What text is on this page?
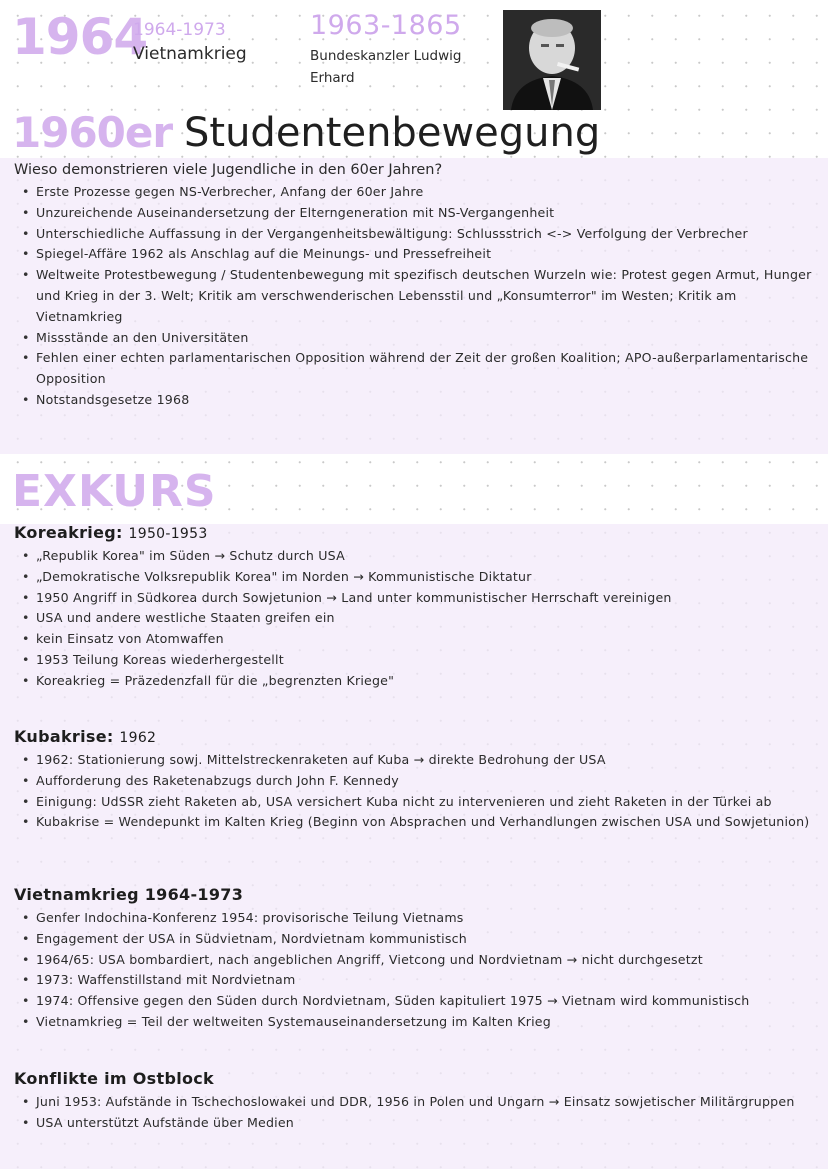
1964
1964-1973
Vietnamkrieg
1963-1865
Bundeskanzler Ludwig
Erhard
1960er Studentenbewegung
Wieso demonstrieren viele Jugendliche in den 60er Jahren?
• Erste Prozesse gegen NS-Verbrecher, Anfang der 60er Jahre
• Unzureichende Auseinandersetzung der Elterngeneration mit NS-Vergangenheit
• Unterschiedliche Auffassung in der Vergangenheitsbewältigung: Schlussstrich <-> Verfolgung der Verbrecher
• Spiegel-Affäre 1962 als Anschlag auf die Meinungs- und Pressefreiheit
• Weltweite Protestbewegung / Studentenbewegung mit spezifisch deutschen Wurzeln wie: Protest gegen Armut, Hunger und Krieg in der 3. Welt; Kritik am verschwenderischen Lebensstil und „Konsumterror" im Westen; Kritik am Vietnamkrieg
• Missstände an den Universitäten
• Fehlen einer echten parlamentarischen Opposition während der Zeit der großen Koalition; APO-außerparlamentarische Opposition
• Notstandsgesetze 1968
EXKURS
Koreakrieg: 1950-1953
• „Republik Korea" im Süden → Schutz durch USA
• „Demokratische Volksrepublik Korea" im Norden → Kommunistische Diktatur
• 1950 Angriff in Südkorea durch Sowjetunion → Land unter kommunistischer Herrschaft vereinigen
• USA und andere westliche Staaten greifen ein
• kein Einsatz von Atomwaffen
• 1953 Teilung Koreas wiederhergestellt
• Koreakrieg = Präzedenzfall für die „begrenzten Kriege"
Kubakrise: 1962
• 1962: Stationierung sowj. Mittelstreckenraketen auf Kuba → direkte Bedrohung der USA
• Aufforderung des Raketenabzugs durch John F. Kennedy
• Einigung: UdSSR zieht Raketen ab, USA versichert Kuba nicht zu intervenieren und zieht Raketen in der Türkei ab
• Kubakrise = Wendepunkt im Kalten Krieg (Beginn von Absprachen und Verhandlungen zwischen USA und Sowjetunion)
Vietnamkrieg 1964-1973
• Genfer Indochina-Konferenz 1954: provisorische Teilung Vietnams
• Engagement der USA in Südvietnam, Nordvietnam kommunistisch
• 1964/65: USA bombardiert, nach angeblichen Angriff, Vietcong und Nordvietnam → nicht durchgesetzt
• 1973: Waffenstillstand mit Nordvietnam
• 1974: Offensive gegen den Süden durch Nordvietnam, Süden kapituliert 1975 → Vietnam wird kommunistisch
• Vietnamkrieg = Teil der weltweiten Systemauseinandersetzung im Kalten Krieg
Konflikte im Ostblock
• Juni 1953: Aufstände in Tschechoslowakei und DDR, 1956 in Polen und Ungarn → Einsatz sowjetischer Militärgruppen
• USA unterstützt Aufstände über Medien
